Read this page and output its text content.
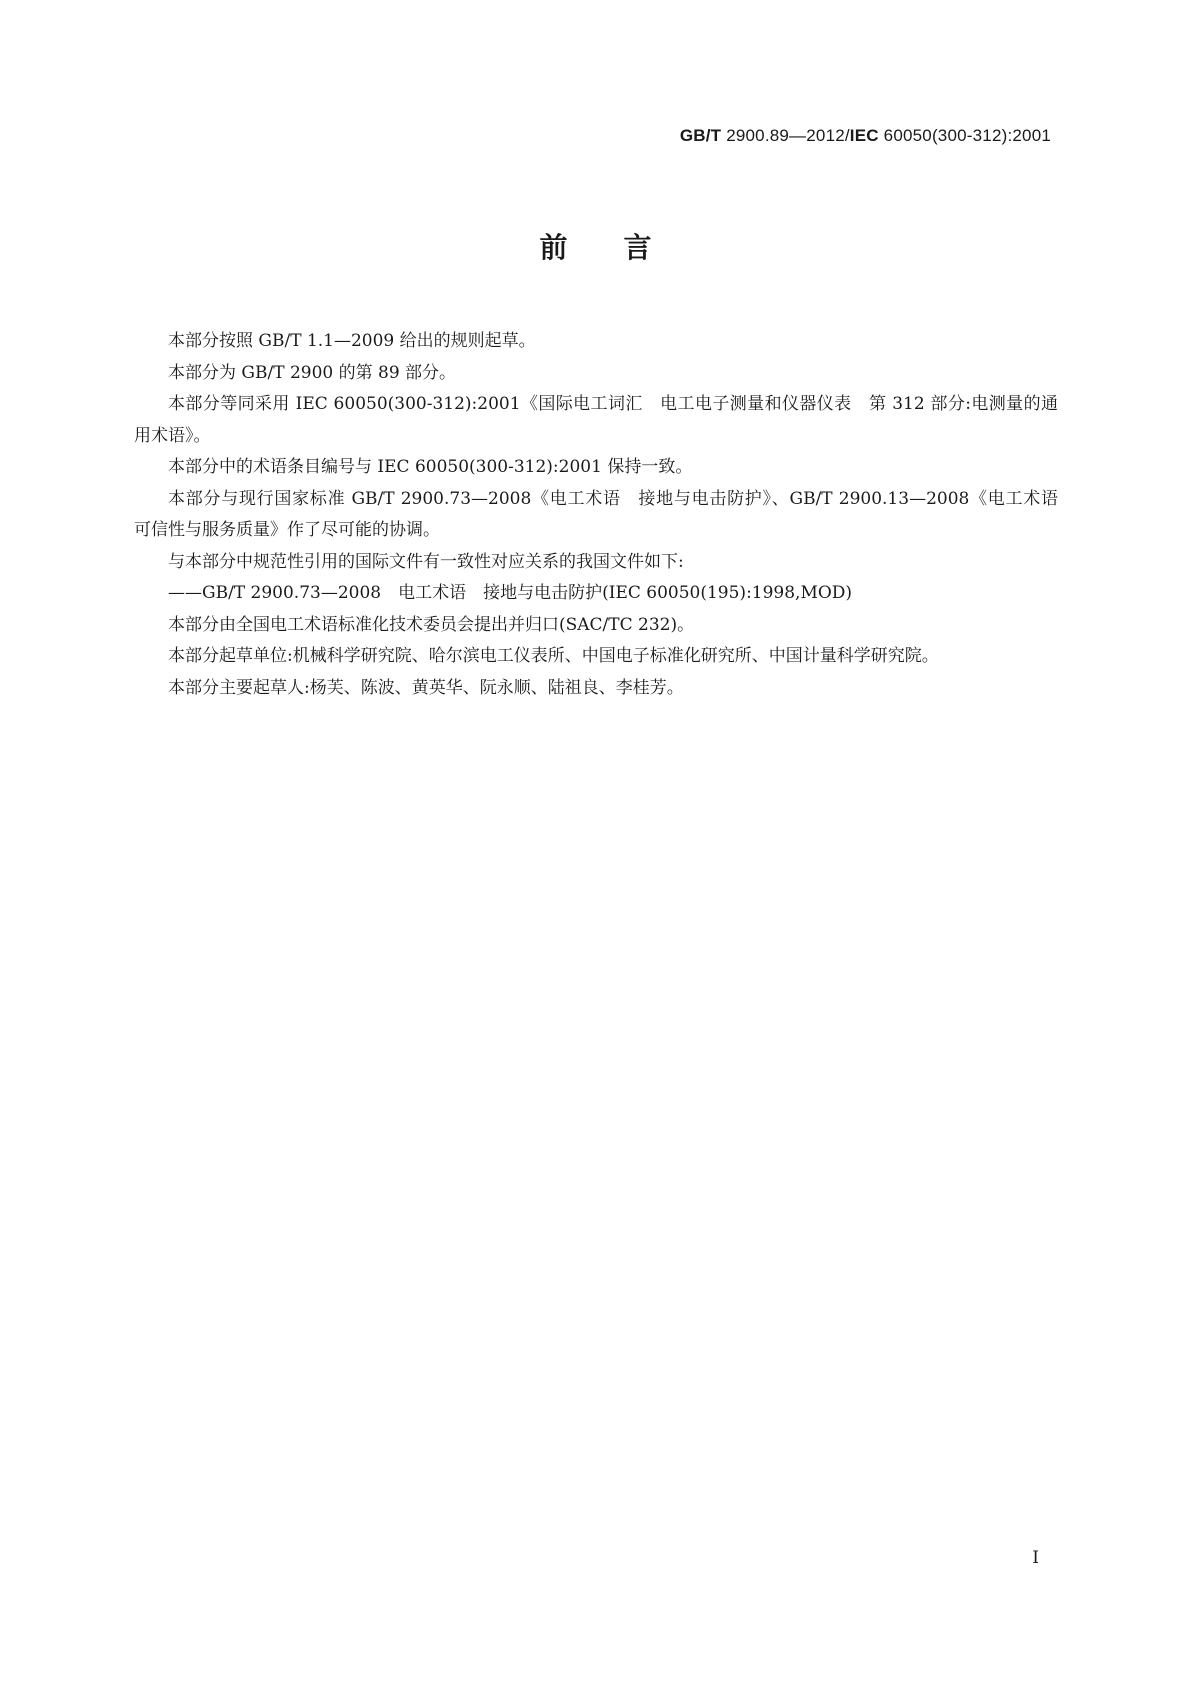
GB/T 2900.89—2012/IEC 60050(300-312):2001
前言

本部分按照 GB/T 1.1—2009 给出的规则起草。

本部分为 GB/T 2900 的第 89 部分。

本部分等同采用 IEC 60050(300-312):2001《国际电工词汇　电工电子测量和仪器仪表　第 312 部分:电测量的通用术语》。

本部分中的术语条目编号与 IEC 60050(300-312):2001 保持一致。

本部分与现行国家标准 GB/T 2900.73—2008《电工术语　接地与电击防护》、GB/T 2900.13—2008《电工术语　可信性与服务质量》作了尽可能的协调。

与本部分中规范性引用的国际文件有一致性对应关系的我国文件如下:

——GB/T 2900.73—2008　电工术语　接地与电击防护(IEC 60050(195):1998,MOD)

本部分由全国电工术语标准化技术委员会提出并归口(SAC/TC 232)。

本部分起草单位:机械科学研究院、哈尔滨电工仪表所、中国电子标准化研究所、中国计量科学研究院。

本部分主要起草人:杨芙、陈波、黄英华、阮永顺、陆祖良、李桂芳。

I
